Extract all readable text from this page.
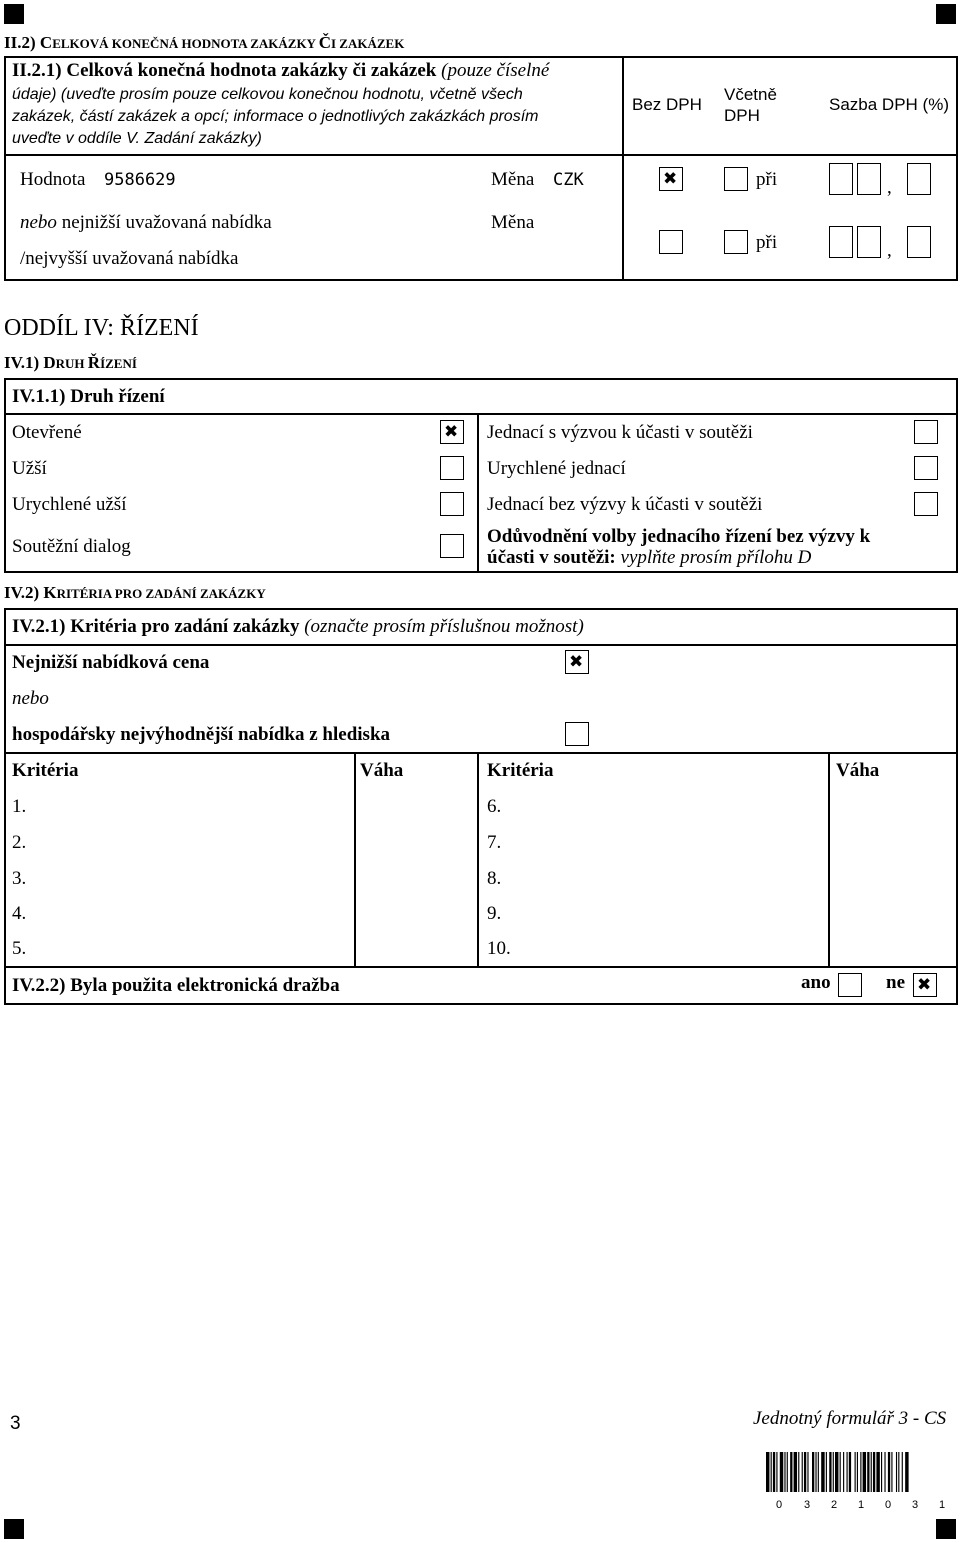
II.2) CELKOVÁ KONEČNÁ HODNOTA ZAKÁZKY ČI ZAKÁZEK
II.2.1) Celková konečná hodnota zakázky či zakázek (pouze číselné
údaje) (uveďte prosím pouze celkovou konečnou hodnotu, včetně všech
zakázek, částí zakázek a opcí; informace o jednotlivých zakázkách prosím
uveďte v oddíle V. Zadání zakázky)
Bez DPH
Včetně
DPH
Sazba DPH (%)
Hodnota 9586629	Měna CZK
✖	při	,
nebo nejnižší uvažovaná nabídka
/nejvyšší uvažovaná nabídka
Měna
při	,
ODDÍL IV: ŘÍZENÍ
IV.1) DRUH ŘÍZENÍ
IV.1.1) Druh řízení
Otevřené
✖
Užší
Urychlené užší
Soutěžní dialog
Jednací s výzvou k účasti v soutěži
Urychlené jednací
Jednací bez výzvy k účasti v soutěži
Odůvodnění volby jednacího řízení bez výzvy k
účasti v soutěži: vyplňte prosím přílohu D
IV.2) KRITÉRIA PRO ZADÁNÍ ZAKÁZKY
IV.2.1) Kritéria pro zadání zakázky (označte prosím příslušnou možnost)
Nejnižší nabídková cena
✖
nebo
hospodářsky nejvýhodnější nabídka z hlediska
Kritéria	Váha	Kritéria	Váha
1.
2.
3.
4.
5.
6.
7.
8.
9.
10.
IV.2.2) Byla použita elektronická dražba	ano	ne
✖
3	Jednotný formulář 3 - CS
0 3 2 1 0 3 1
